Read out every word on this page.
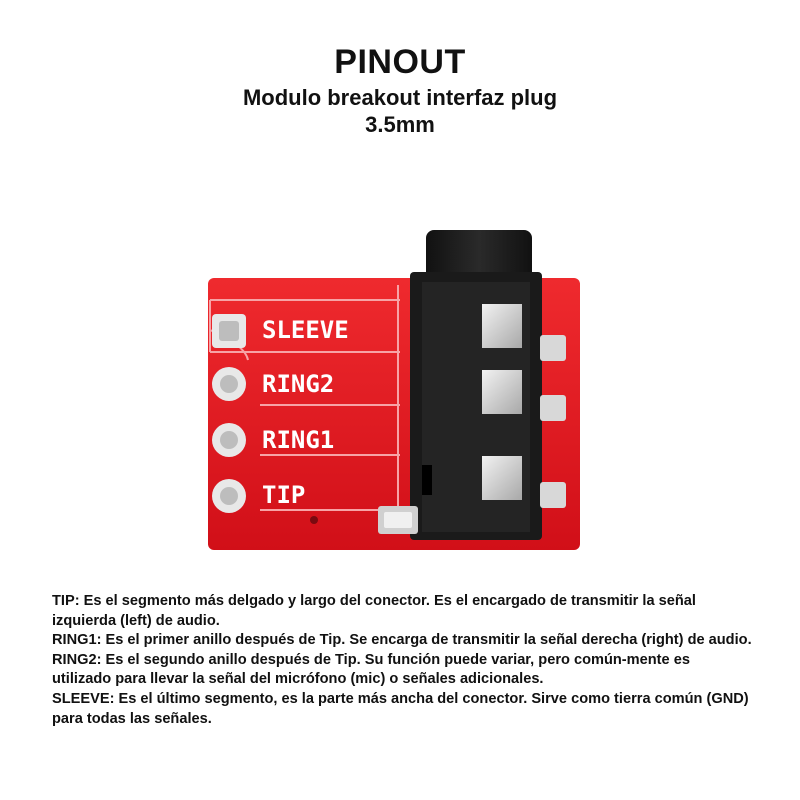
PINOUT
Modulo breakout interfaz plug
3.5mm
SLEEVE
RING2
RING1
TIP

TIP: Es el segmento más delgado y largo del conector. Es el encargado de transmitir la señal izquierda (left) de audio.

RING1: Es el primer anillo después de Tip. Se encarga de transmitir la señal derecha (right) de audio.

RING2: Es el segundo anillo después de Tip. Su función puede variar, pero común-mente es utilizado para llevar la señal del micrófono (mic) o señales adicionales.

SLEEVE: Es el último segmento, es la parte más ancha del conector. Sirve como tierra común (GND) para todas las señales.
